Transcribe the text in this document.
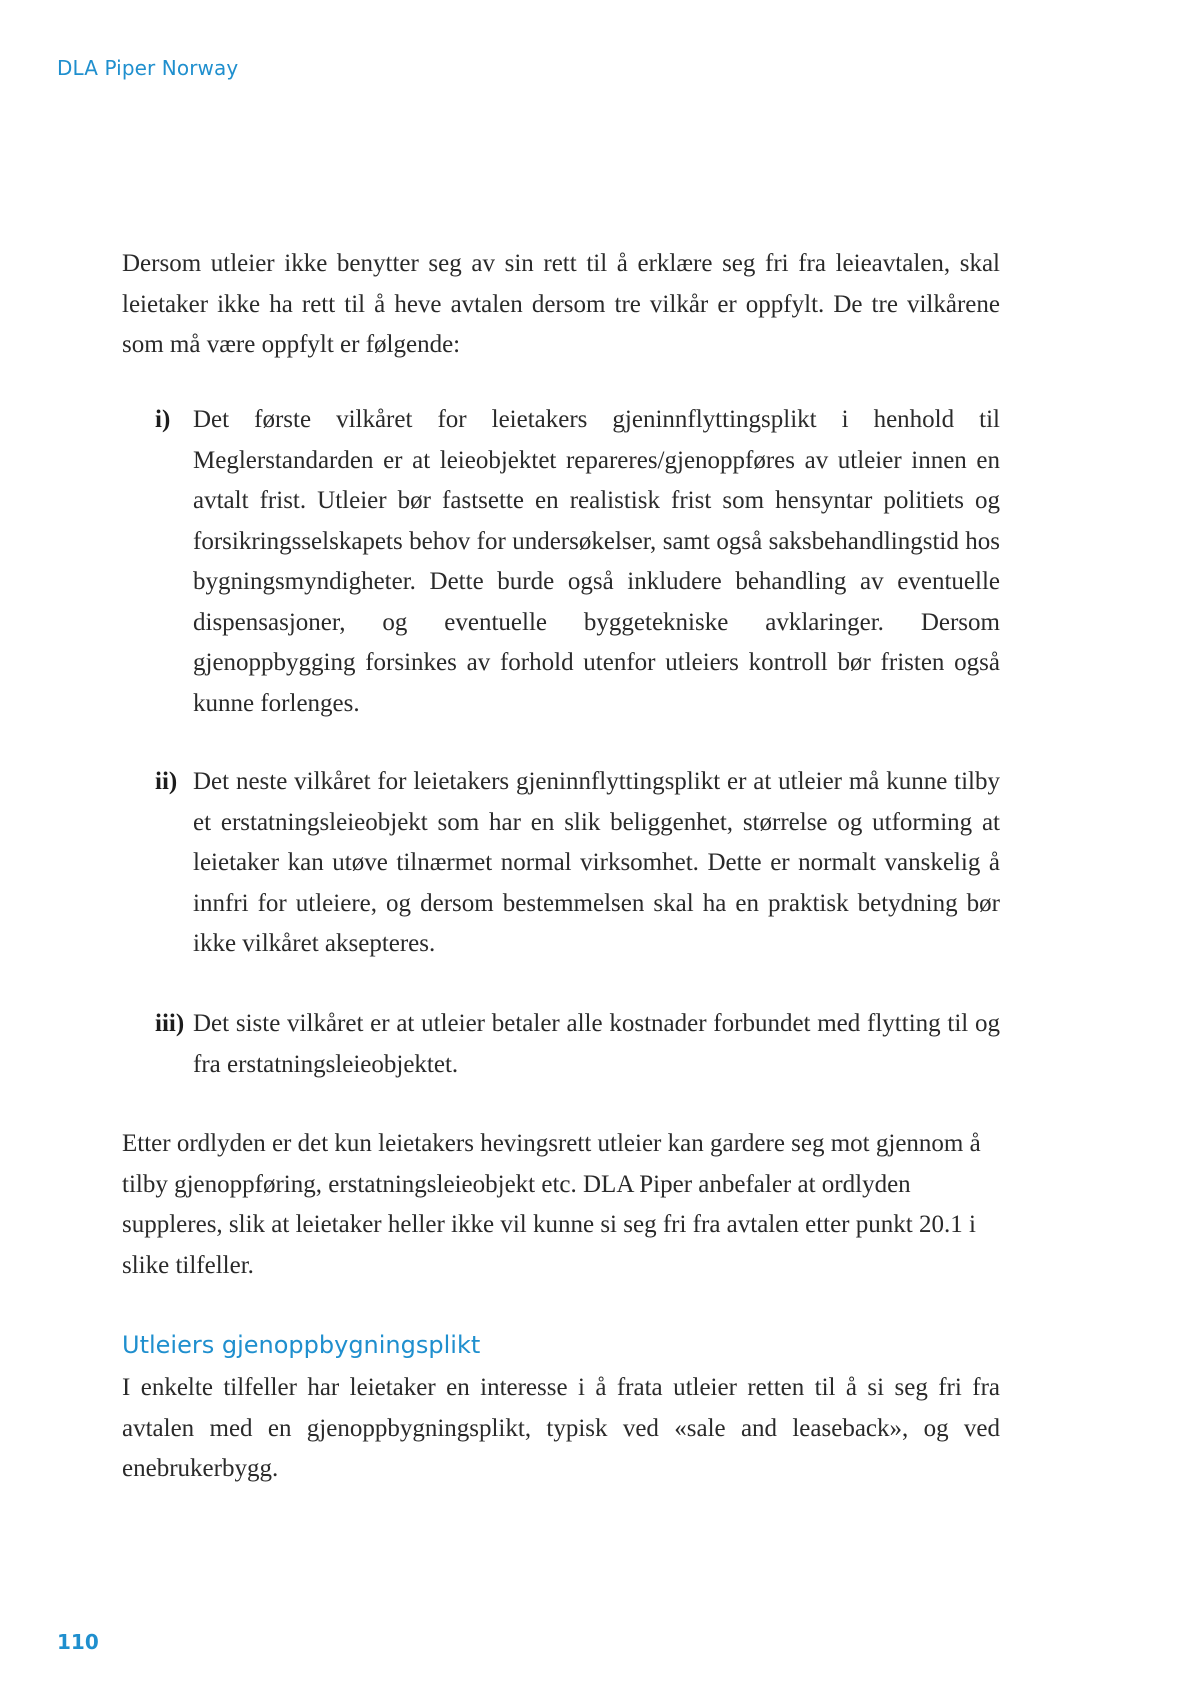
DLA Piper Norway

Dersom utleier ikke benytter seg av sin rett til å erklære seg fri fra leieavtalen, skal leietaker ikke ha rett til å heve avtalen dersom tre vilkår er oppfylt. De tre vilkårene som må være oppfylt er følgende:

i) Det første vilkåret for leietakers gjeninnflyttingsplikt i henhold til Meglerstandarden er at leieobjektet repareres/gjenoppføres av utleier innen en avtalt frist. Utleier bør fastsette en realistisk frist som hensyntar politiets og forsikringsselskapets behov for undersøkelser, samt også saksbehandlingstid hos bygningsmyndigheter. Dette burde også inkludere behandling av eventuelle dispensasjoner, og eventuelle byggetekniske avklaringer. Dersom gjenoppbygging forsinkes av forhold utenfor utleiers kontroll bør fristen også kunne forlenges.
ii) Det neste vilkåret for leietakers gjeninnflyttingsplikt er at utleier må kunne tilby et erstatningsleieobjekt som har en slik beliggenhet, størrelse og utforming at leietaker kan utøve tilnærmet normal virksomhet. Dette er normalt vanskelig å innfri for utleiere, og dersom bestemmelsen skal ha en praktisk betydning bør ikke vilkåret aksepteres.
iii) Det siste vilkåret er at utleier betaler alle kostnader forbundet med flytting til og fra erstatningsleieobjektet.

Etter ordlyden er det kun leietakers hevingsrett utleier kan gardere seg mot gjennom å tilby gjenoppføring, erstatningsleieobjekt etc. DLA Piper anbefaler at ordlyden suppleres, slik at leietaker heller ikke vil kunne si seg fri fra avtalen etter punkt 20.1 i slike tilfeller.

Utleiers gjenoppbygningsplikt

I enkelte tilfeller har leietaker en interesse i å frata utleier retten til å si seg fri fra avtalen med en gjenoppbygningsplikt, typisk ved «sale and leaseback», og ved enebrukerbygg.

110
